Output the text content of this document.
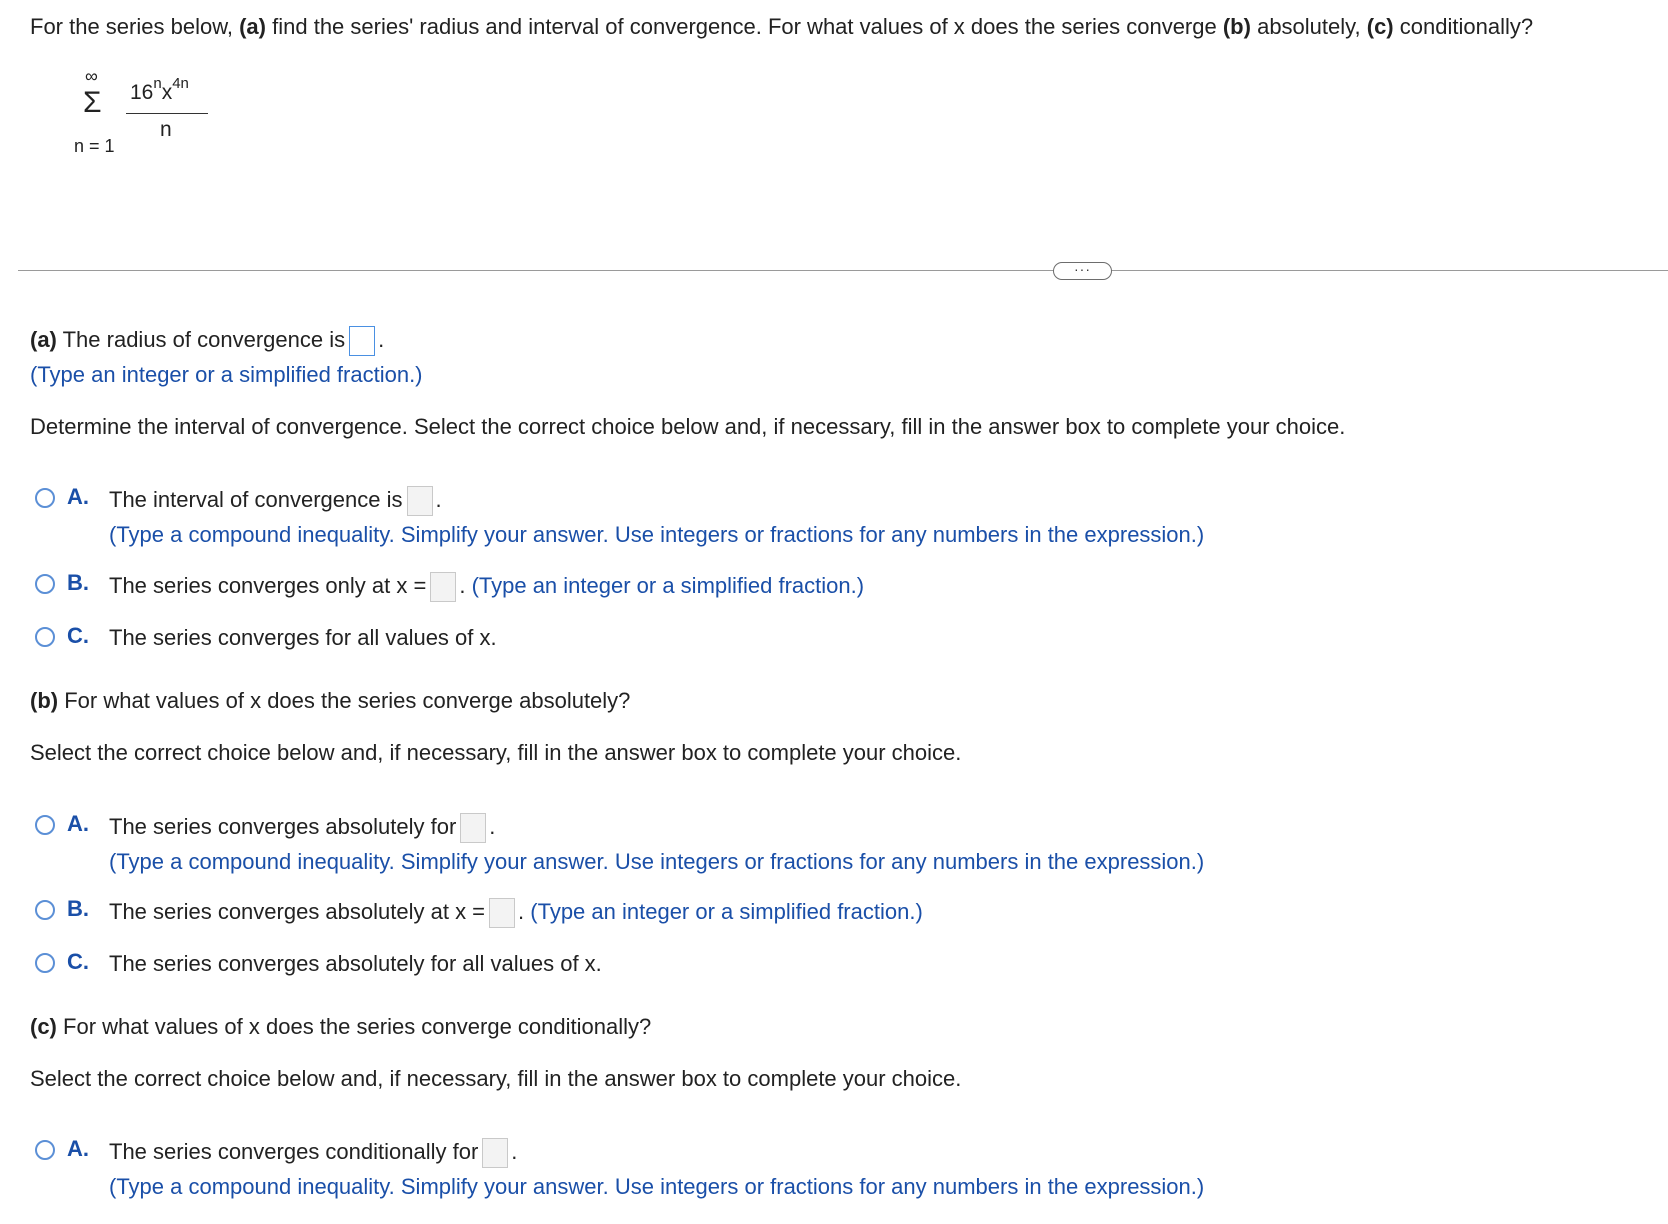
For the series below, (a) find the series' radius and interval of convergence. For what values of x does the series converge (b) absolutely, (c) conditionally?
∞
Σ
n = 1
$16^nx^{4n}$
n
···
(a) The radius of convergence is .
(Type an integer or a simplified fraction.)
Determine the interval of convergence. Select the correct choice below and, if necessary, fill in the answer box to complete your choice.
A. The interval of convergence is .
(Type a compound inequality. Simplify your answer. Use integers or fractions for any numbers in the expression.)
B. The series converges only at x = . (Type an integer or a simplified fraction.)
C. The series converges for all values of x.
(b) For what values of x does the series converge absolutely?
Select the correct choice below and, if necessary, fill in the answer box to complete your choice.
A. The series converges absolutely for .
(Type a compound inequality. Simplify your answer. Use integers or fractions for any numbers in the expression.)
B. The series converges absolutely at x = . (Type an integer or a simplified fraction.)
C. The series converges absolutely for all values of x.
(c) For what values of x does the series converge conditionally?
Select the correct choice below and, if necessary, fill in the answer box to complete your choice.
A. The series converges conditionally for .
(Type a compound inequality. Simplify your answer. Use integers or fractions for any numbers in the expression.)
